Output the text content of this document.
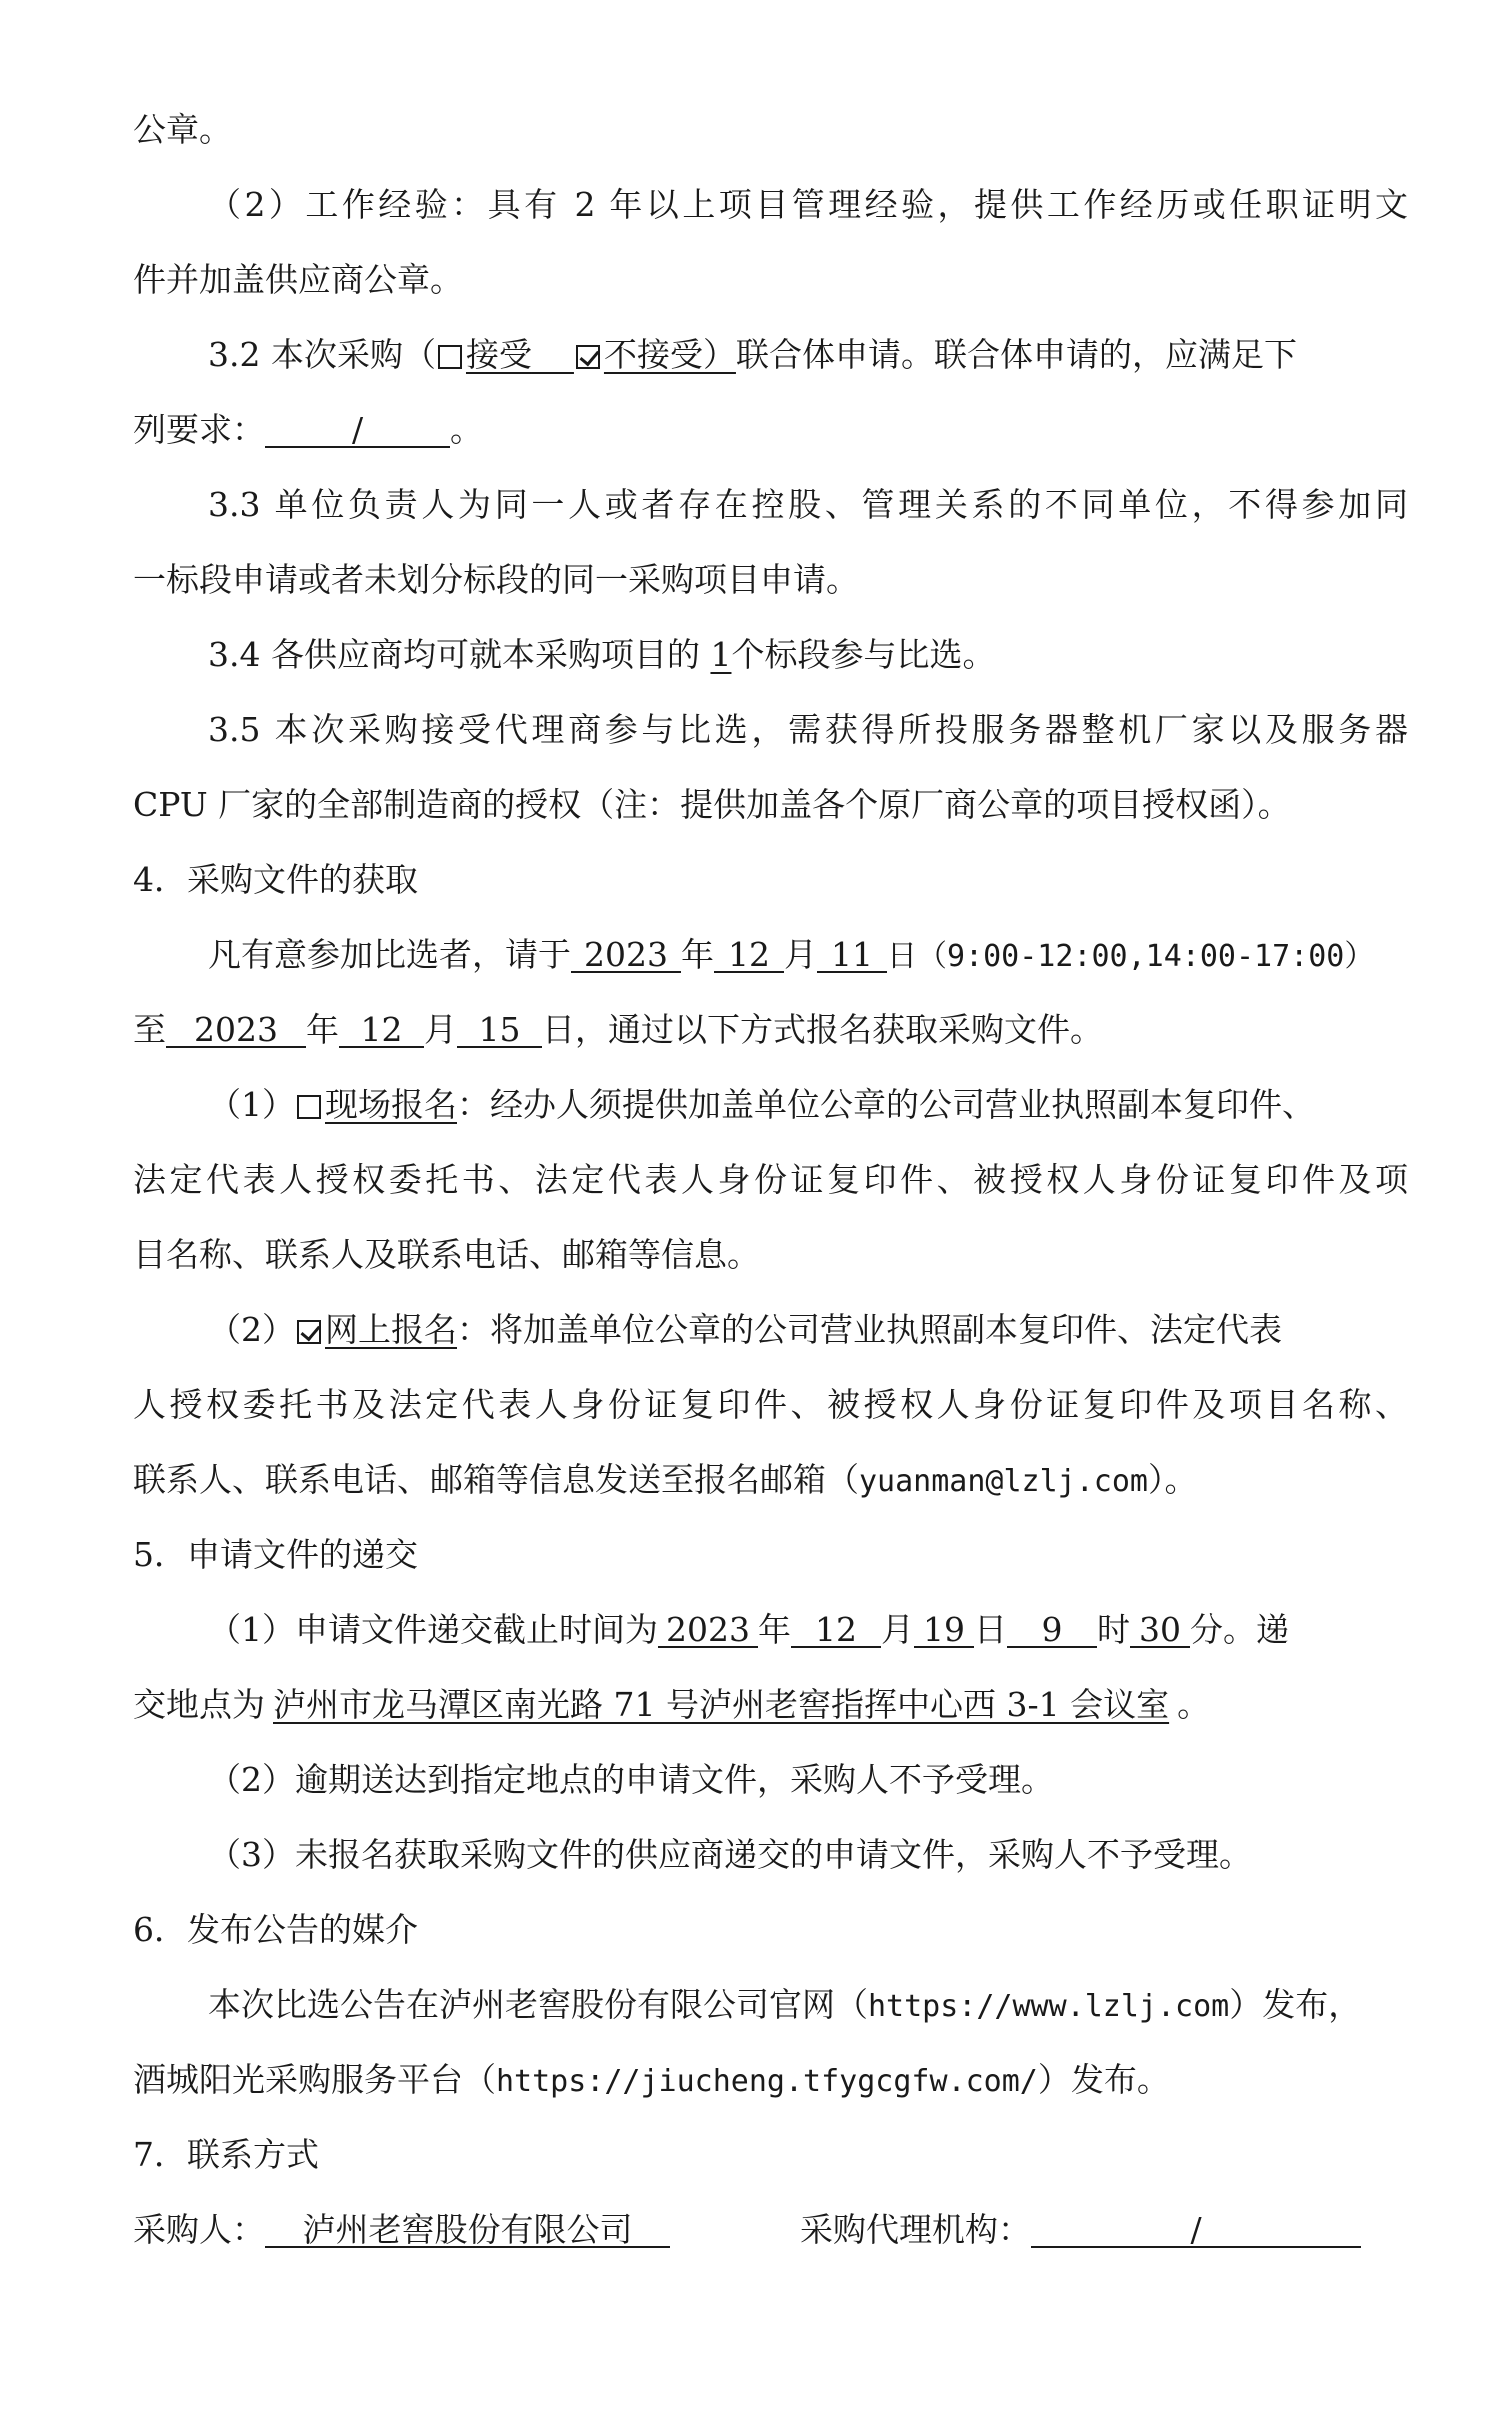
公章。
（2）工作经验：具有 2 年以上项目管理经验，提供工作经历或任职证明文
件并加盖供应商公章。
3.2 本次采购（ 接受 不接受）联合体申请。联合体申请的，应满足下
列要求：	/	。
3.3 单位负责人为同一人或者存在控股、管理关系的不同单位，不得参加同
一标段申请或者未划分标段的同一采购项目申请。
3.4 各供应商均可就本采购项目的 1个标段参与比选。
3.5 本次采购接受代理商参与比选，需获得所投服务器整机厂家以及服务器
CPU 厂家的全部制造商的授权（注：提供加盖各个原厂商公章的项目授权函）。
4．采购文件的获取
凡有意参加比选者，请于 2023 年 12 月 11 日（9:00-12:00,14:00-17:00）
至 2023 年 12 月 15 日，通过以下方式报名获取采购文件。
（1） 现场报名：经办人须提供加盖单位公章的公司营业执照副本复印件、
法定代表人授权委托书、法定代表人身份证复印件、被授权人身份证复印件及项
目名称、联系人及联系电话、邮箱等信息。
（2） 网上报名：将加盖单位公章的公司营业执照副本复印件、法定代表
人授权委托书及法定代表人身份证复印件、被授权人身份证复印件及项目名称、
联系人、联系电话、邮箱等信息发送至报名邮箱（yuanman@lzlj.com）。
5．申请文件的递交
（1）申请文件递交截止时间为 2023 年 12 月 19 日 9 时 30 分。递
交地点为 泸州市龙马潭区南光路 71 号泸州老窖指挥中心西 3-1 会议室 。
（2）逾期送达到指定地点的申请文件，采购人不予受理。
（3）未报名获取采购文件的供应商递交的申请文件，采购人不予受理。
6．发布公告的媒介
本次比选公告在泸州老窖股份有限公司官网（https://www.lzlj.com）发布，
酒城阳光采购服务平台（https://jiucheng.tfygcgfw.com/）发布。
7．联系方式
采购人： 泸州老窖股份有限公司	采购代理机构：	/
